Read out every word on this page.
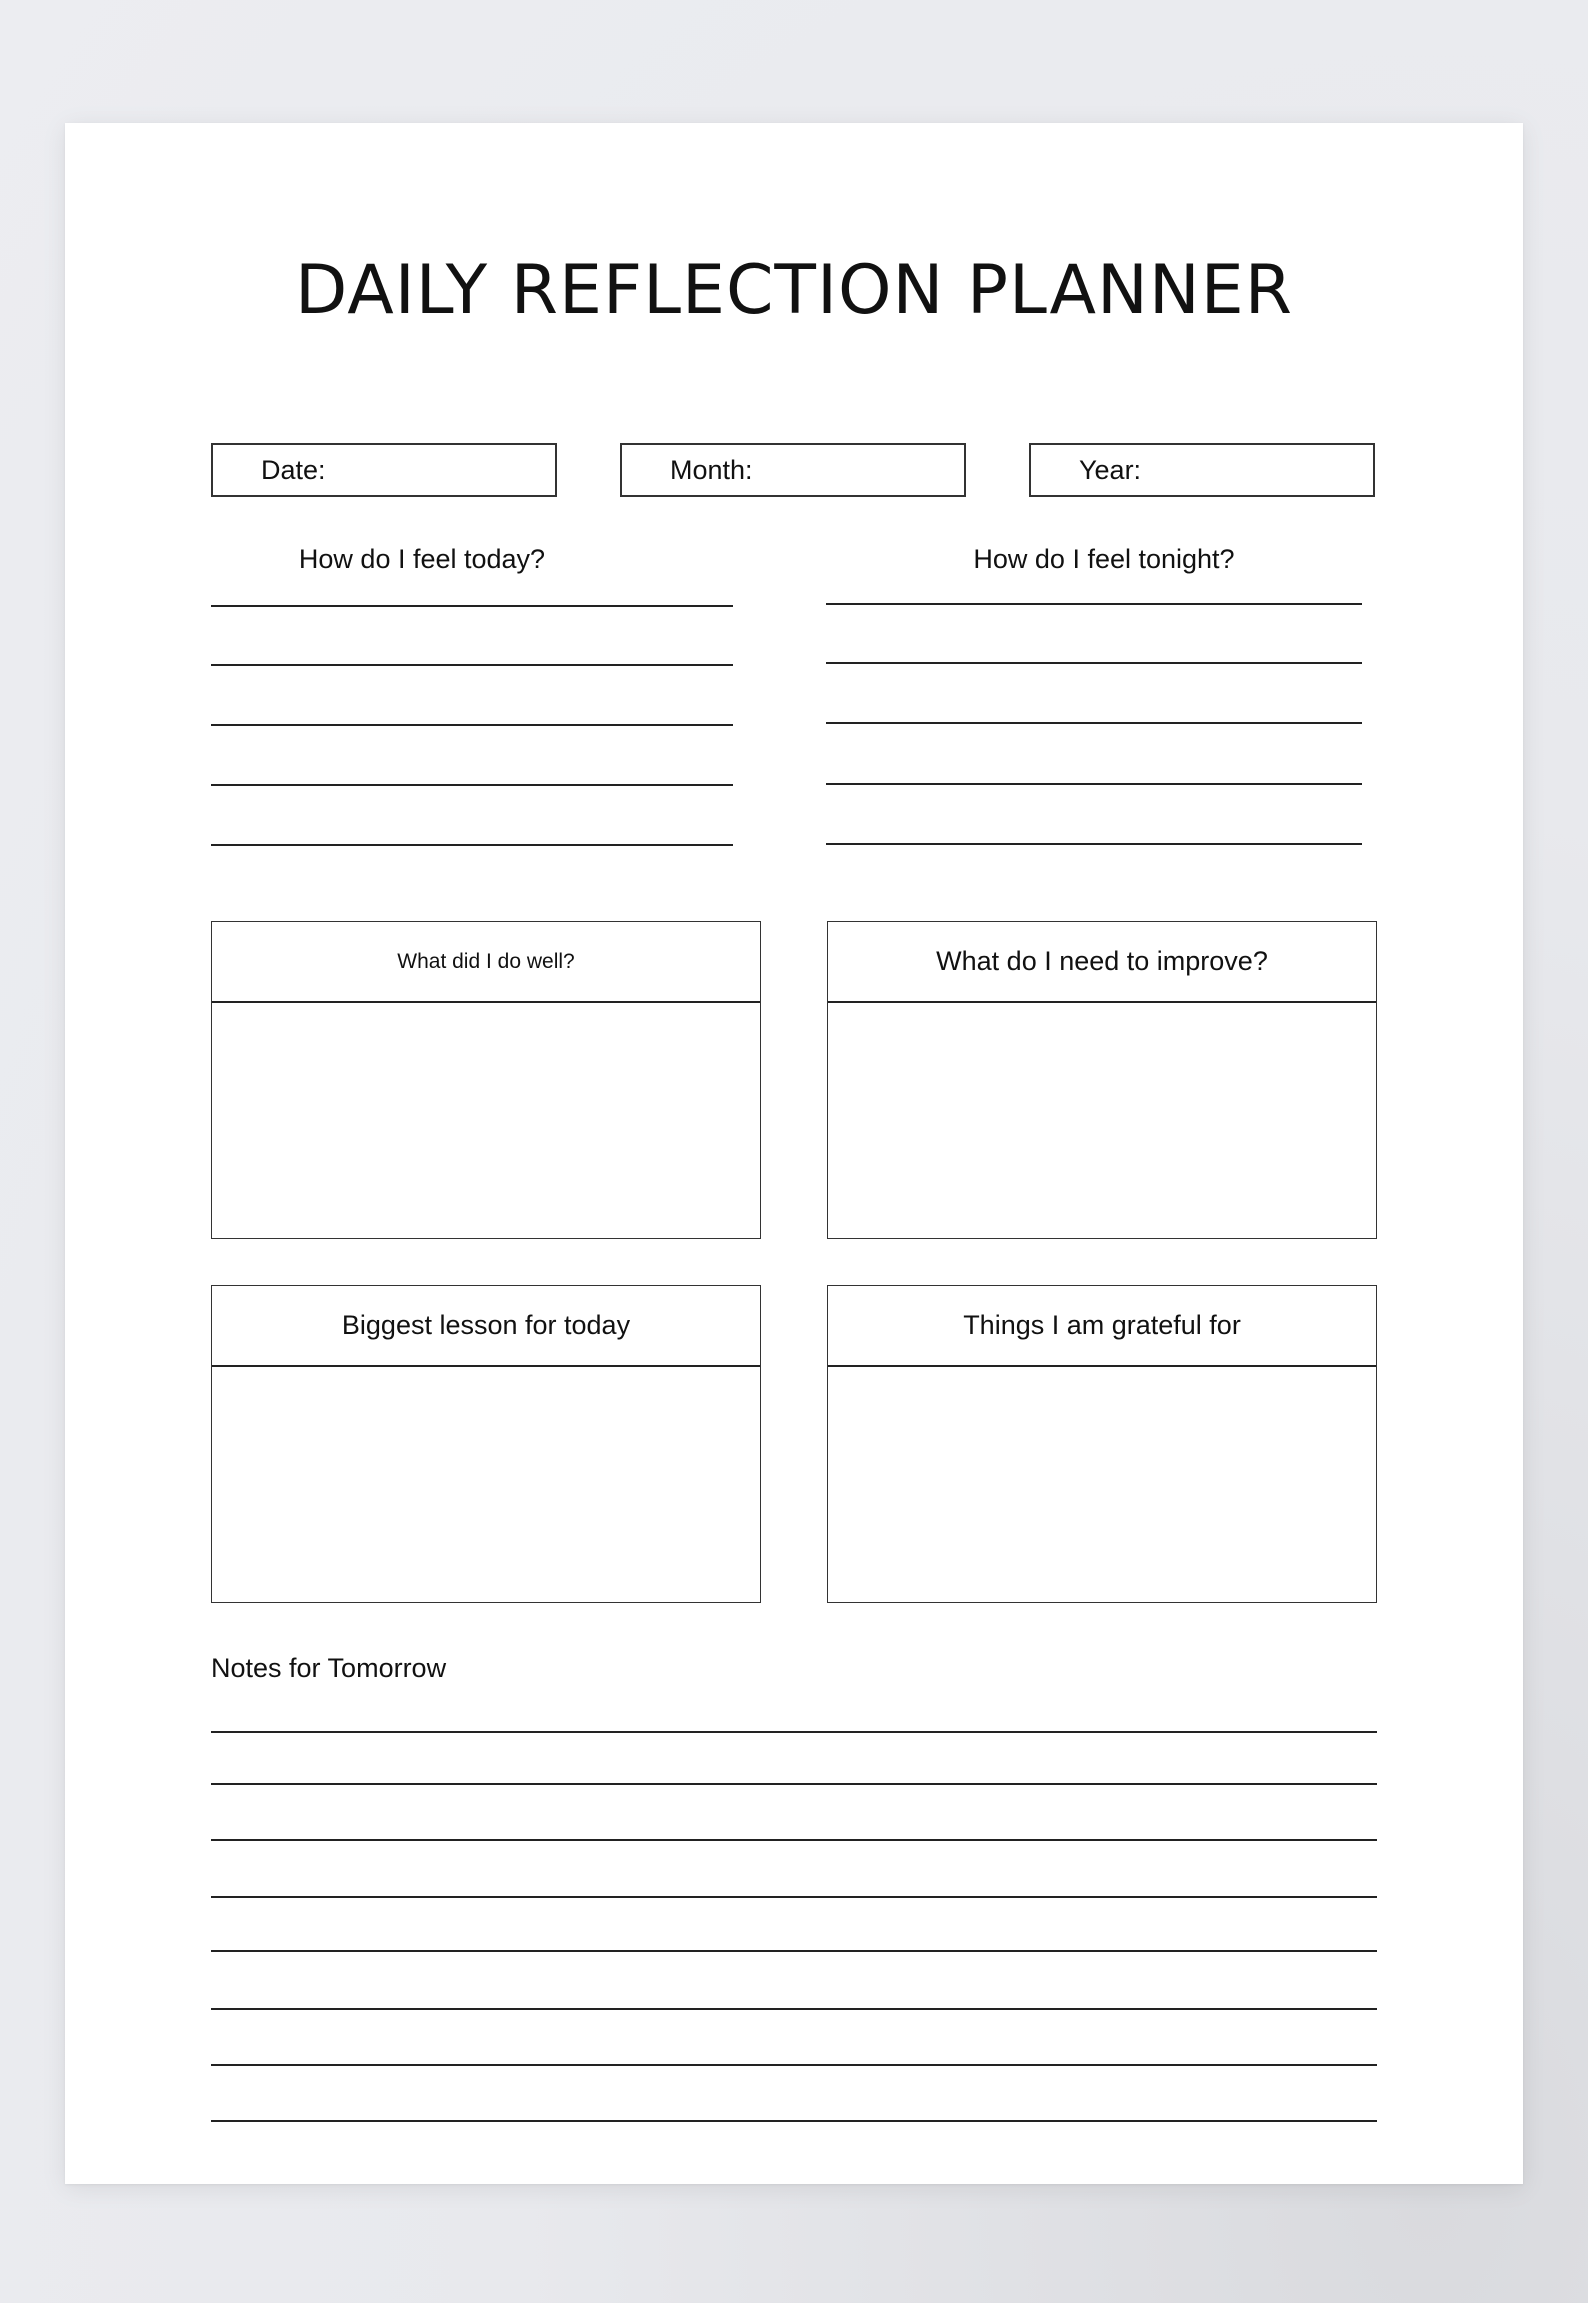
DAILY REFLECTION PLANNER
Date:	Month:	Year:
How do I feel today?	How do I feel tonight?
What did I do well?	What do I need to improve?
Biggest lesson for today	Things I am grateful for
Notes for Tomorrow
